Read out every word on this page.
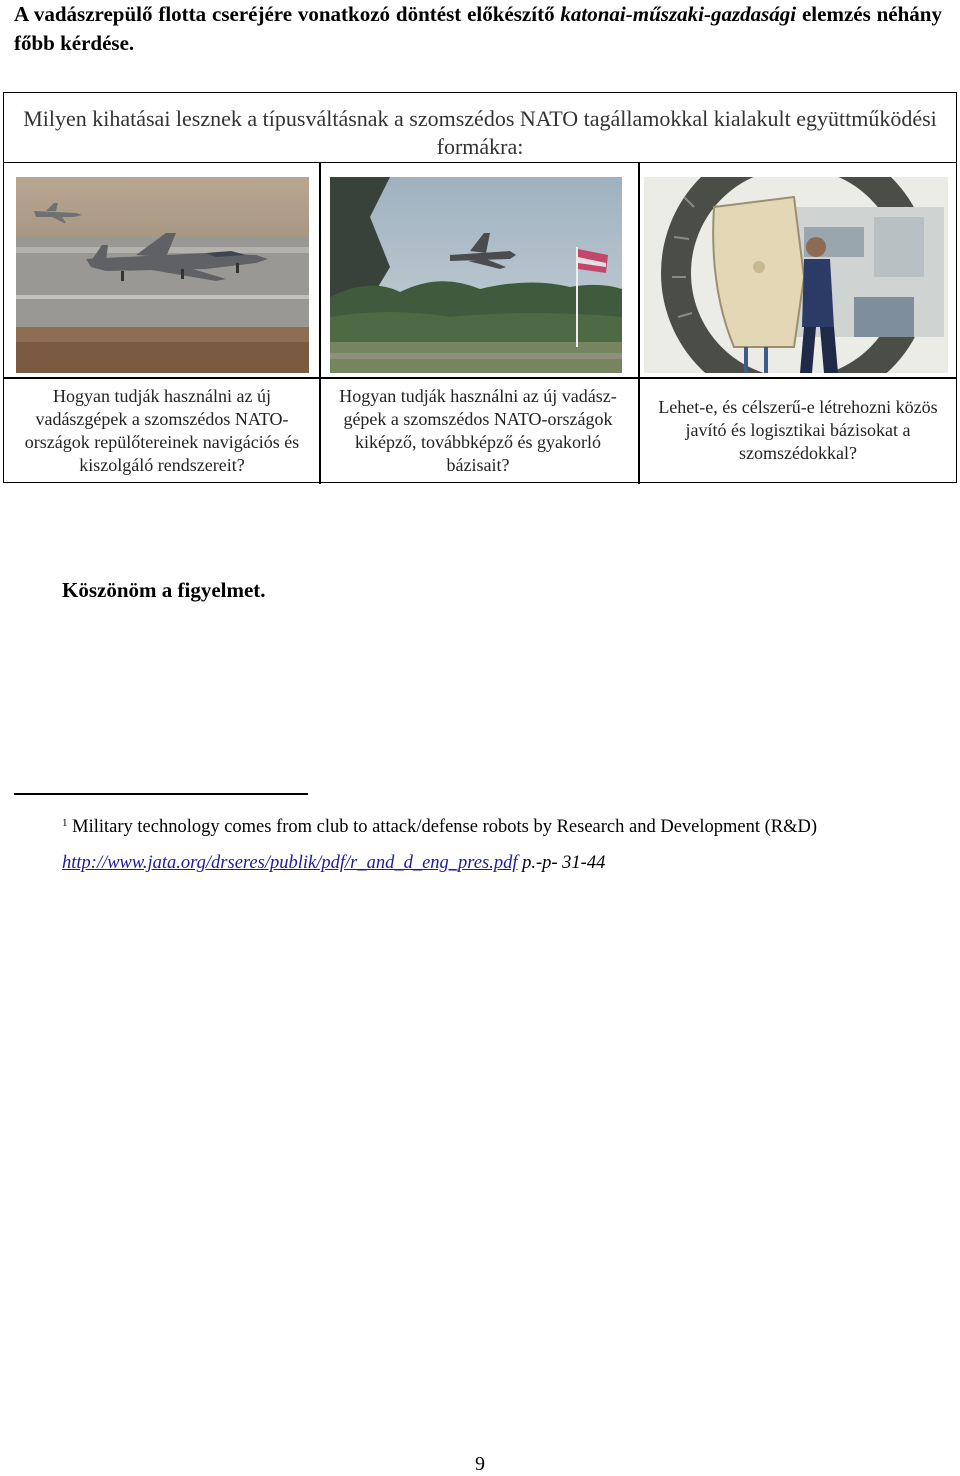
A vadászrepülő flotta cseréjére vonatkozó döntést előkészítő katonai-műszaki-gazdasági elemzés néhány főbb kérdése.
Milyen kihatásai lesznek a típusváltásnak a szomszédos NATO tagállamokkal kialakult együttműködési formákra:
Hogyan tudják használni az új vadászgépek a szomszédos NATO-országok repülőtereinek navigációs és kiszolgáló rendszereit?
Hogyan tudják használni az új vadász-gépek a szomszédos NATO-országok kiképző, továbbképző és gyakorló bázisait?
Lehet-e, és célszerű-e létrehozni közös javító és logisztikai bázisokat a szomszédokkal?
Köszönöm a figyelmet.
$^1$ Military technology comes from club to attack/defense robots by Research and Development (R&D)
http://www.jata.org/drseres/publik/pdf/r_and_d_eng_pres.pdf p.-p- 31-44
9
